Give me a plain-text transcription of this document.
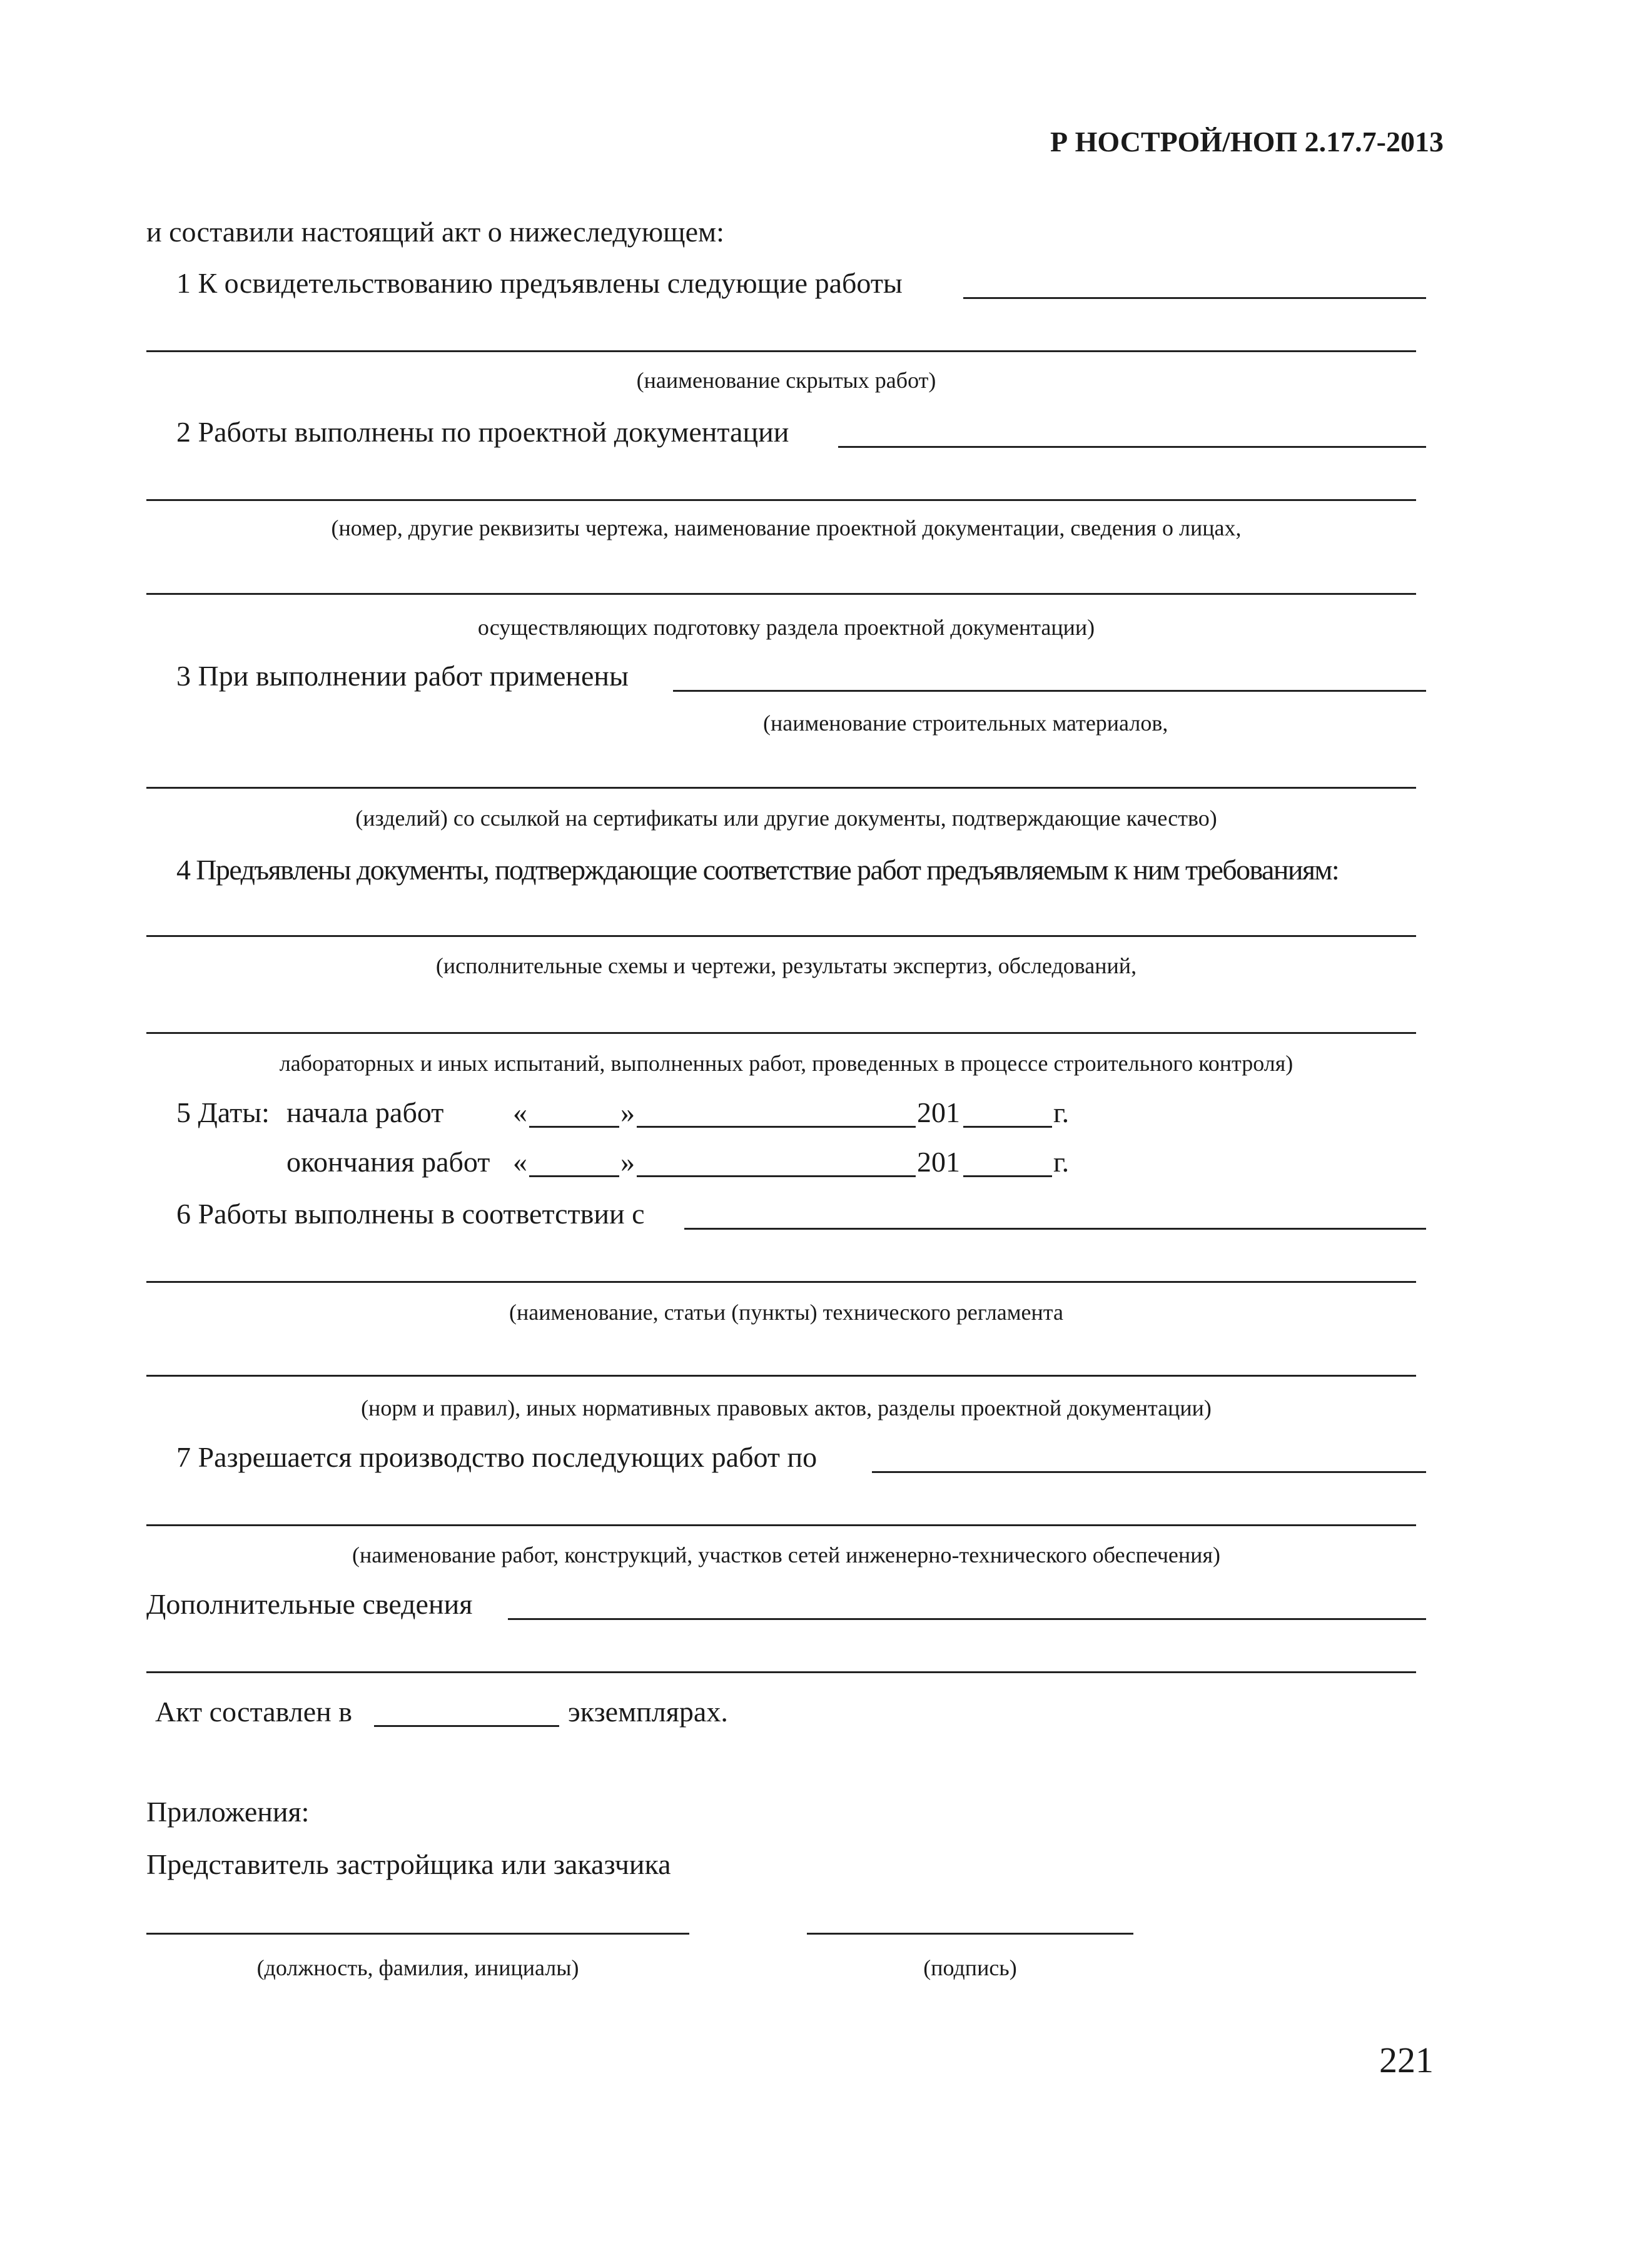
Р НОСТРОЙ/НОП 2.17.7-2013
и составили настоящий акт о нижеследующем:
1 К освидетельствованию предъявлены следующие работы
(наименование скрытых работ)
2 Работы выполнены по проектной документации
(номер, другие реквизиты чертежа, наименование проектной документации, сведения о лицах,
осуществляющих подготовку раздела проектной документации)
3 При выполнении работ применены
(наименование строительных материалов,
(изделий) со ссылкой на сертификаты или другие документы, подтверждающие качество)
4 Предъявлены документы, подтверждающие соответствие работ предъявляемым к ним требованиям:
(исполнительные схемы и чертежи, результаты экспертиз, обследований,
лабораторных и иных испытаний, выполненных работ, проведенных в процессе строительного контроля)
5 Даты: начала работ «	»	201	г.
окончания работ «	»	201	г.
6 Работы выполнены в соответствии с
(наименование, статьи (пункты) технического регламента
(норм и правил), иных нормативных правовых актов, разделы проектной документации)
7 Разрешается производство последующих работ по
(наименование работ, конструкций, участков сетей инженерно-технического обеспечения)
Дополнительные сведения
Акт составлен в	экземплярах.
Приложения:
Представитель застройщика или заказчика
(должность, фамилия, инициалы)	(подпись)
221
